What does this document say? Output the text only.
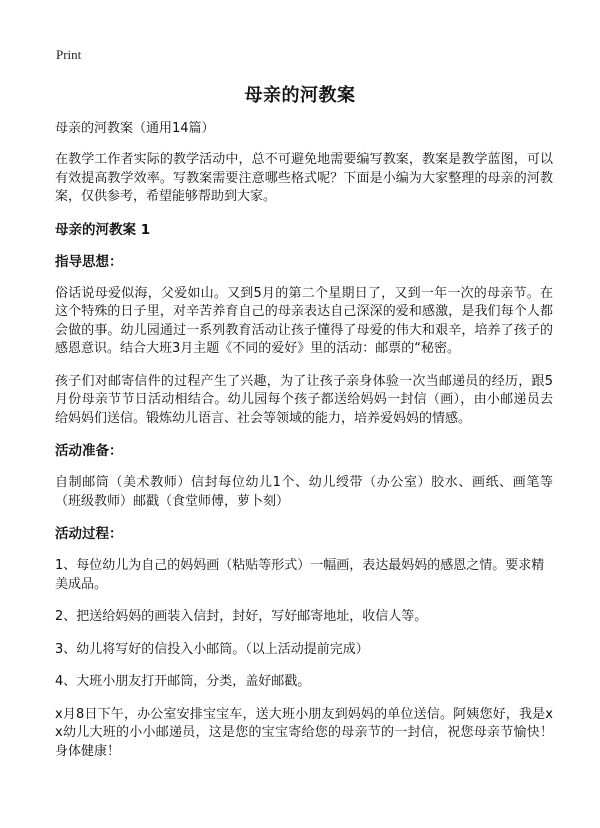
Print
母亲的河教案

母亲的河教案（通用14篇）

在教学工作者实际的教学活动中，总不可避免地需要编写教案，教案是教学蓝图，可以有效提高教学效率。写教案需要注意哪些格式呢？下面是小编为大家整理的母亲的河教案，仅供参考，希望能够帮助到大家。

母亲的河教案 1

指导思想：

俗话说母爱似海，父爱如山。又到5月的第二个星期日了，又到一年一次的母亲节。在这个特殊的日子里，对辛苦养育自己的母亲表达自己深深的爱和感激，是我们每个人都会做的事。幼儿园通过一系列教育活动让孩子懂得了母爱的伟大和艰辛，培养了孩子的感恩意识。结合大班3月主题《不同的爱好》里的活动：邮票的“秘密。

孩子们对邮寄信件的过程产生了兴趣，为了让孩子亲身体验一次当邮递员的经历，跟5月份母亲节节日活动相结合。幼儿园每个孩子都送给妈妈一封信（画），由小邮递员去给妈妈们送信。锻炼幼儿语言、社会等领域的能力，培养爱妈妈的情感。

活动准备：

自制邮筒（美术教师）信封每位幼儿1个、幼儿绶带（办公室）胶水、画纸、画笔等（班级教师）邮戳（食堂师傅，萝卜刻）

活动过程：

1、每位幼儿为自己的妈妈画（粘贴等形式）一幅画，表达最妈妈的感恩之情。要求精美成品。

2、把送给妈妈的画装入信封，封好，写好邮寄地址，收信人等。

3、幼儿将写好的信投入小邮筒。（以上活动提前完成）

4、大班小朋友打开邮筒，分类，盖好邮戳。

x月8日下午，办公室安排宝宝车，送大班小朋友到妈妈的单位送信。阿姨您好，我是xx幼儿大班的小小邮递员，这是您的宝宝寄给您的母亲节的一封信，祝您母亲节愉快！身体健康！
